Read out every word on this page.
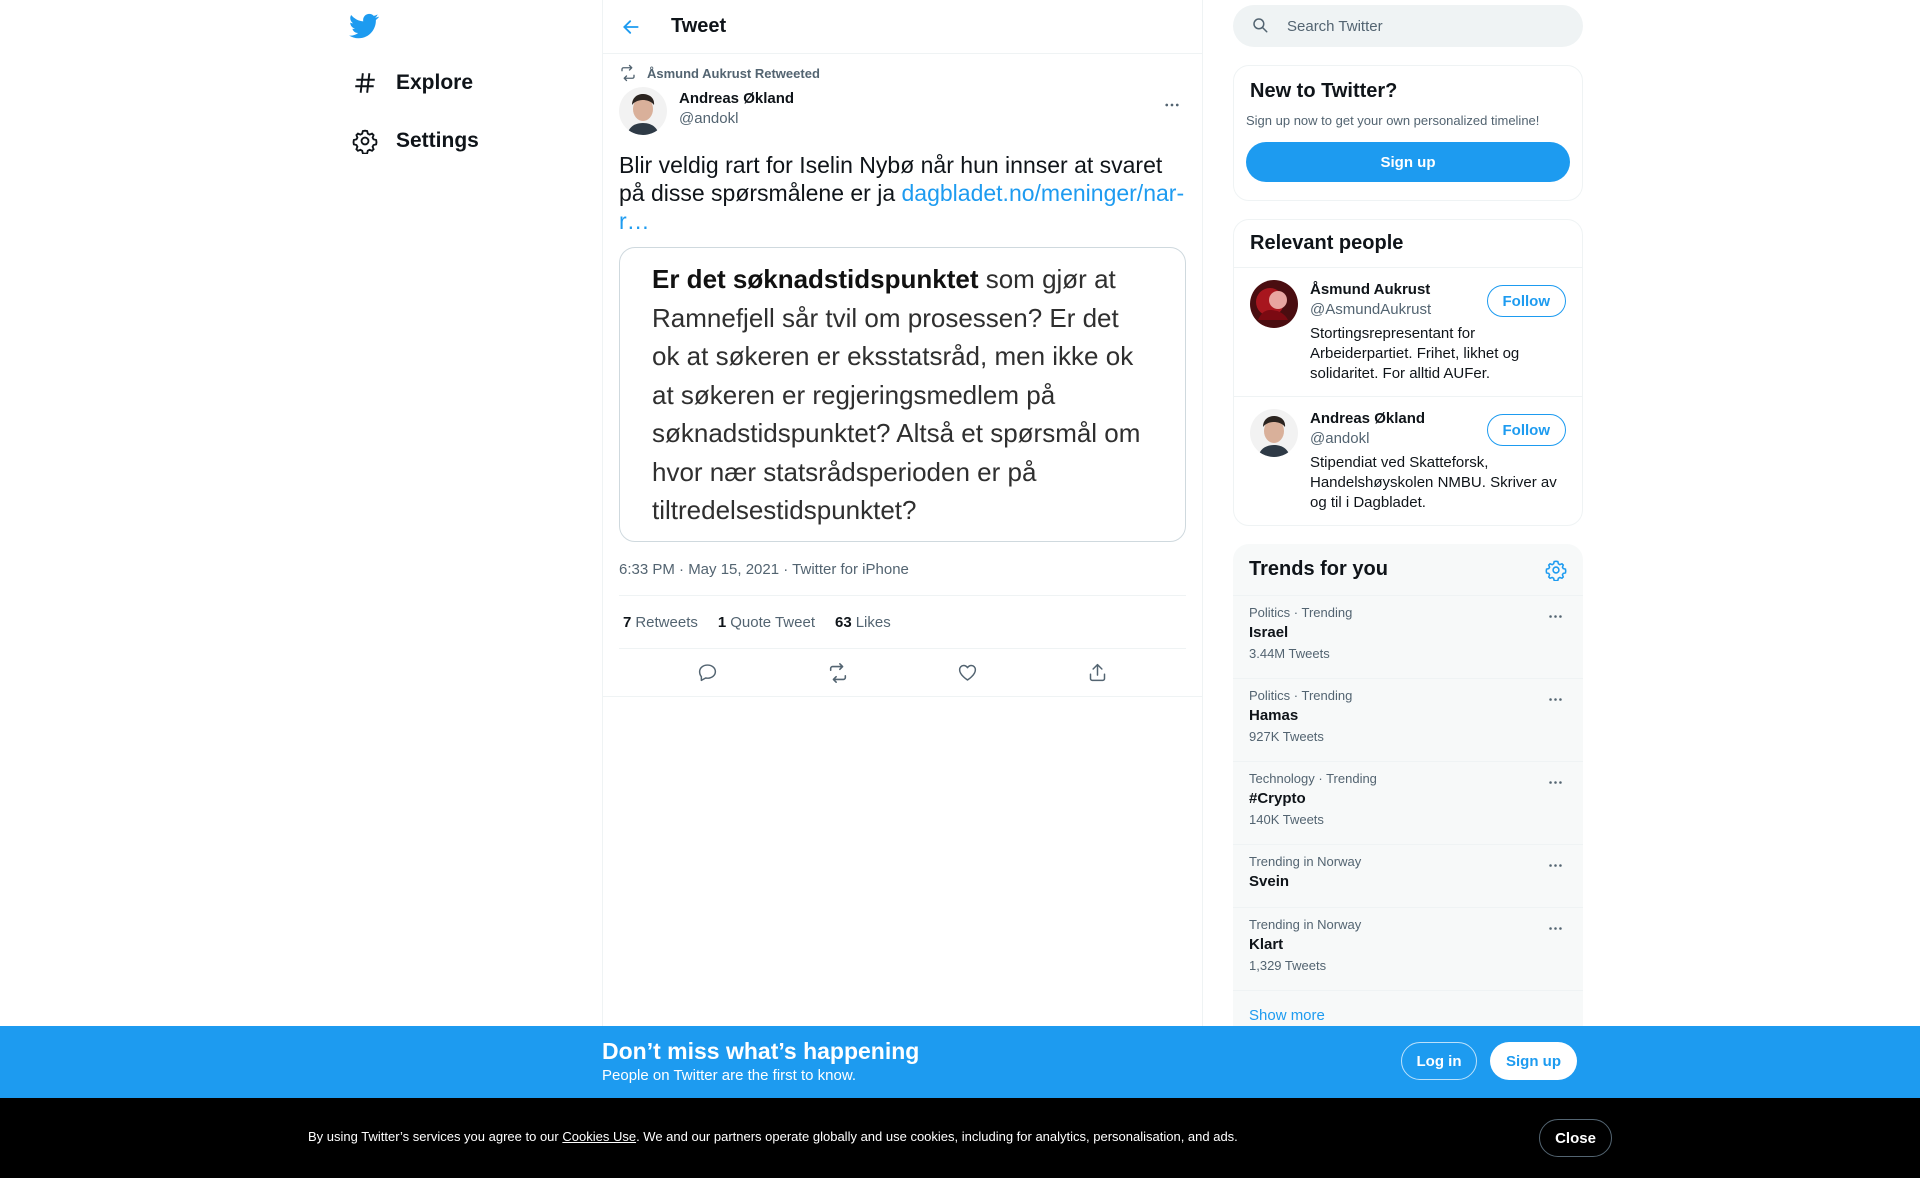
Explore
Settings
Tweet
Åsmund Aukrust Retweeted
Andreas Økland
@andokl
Blir veldig rart for Iselin Nybø når hun innser at svaret på disse spørsmålene er ja dagbladet.no/meninger/nar-r…

Er det søknadstidspunktet som gjør at Ramnefjell sår tvil om prosessen? Er det ok at søkeren er eksstatsråd, men ikke ok at søkeren er regjeringsmedlem på søknadstidspunktet? Altså et spørsmål om hvor nær statsrådsperioden er på tiltredelsestidspunktet?

6:33 PM · May 15, 2021 · Twitter for iPhone
7 Retweets 1 Quote Tweet 63 Likes
Search Twitter
New to Twitter?
Sign up now to get your own personalized timeline!
Sign up
Relevant people
Åsmund Aukrust
@AsmundAukrust
Stortingsrepresentant for Arbeiderpartiet. Frihet, likhet og solidaritet. For alltid AUFer.
Follow
Andreas Økland
@andokl
Stipendiat ved Skatteforsk, Handelshøyskolen NMBU. Skriver av og til i Dagbladet.
Follow
Trends for you
Politics · Trending
Israel
3.44M Tweets
Politics · Trending
Hamas
927K Tweets
Technology · Trending
#Crypto
140K Tweets
Trending in Norway
Svein
Trending in Norway
Klart
1,329 Tweets
Show more
Don’t miss what’s happening
People on Twitter are the first to know.
Log in	Sign up
By using Twitter’s services you agree to our Cookies Use. We and our partners operate globally and use cookies, including for analytics, personalisation, and ads.	Close
